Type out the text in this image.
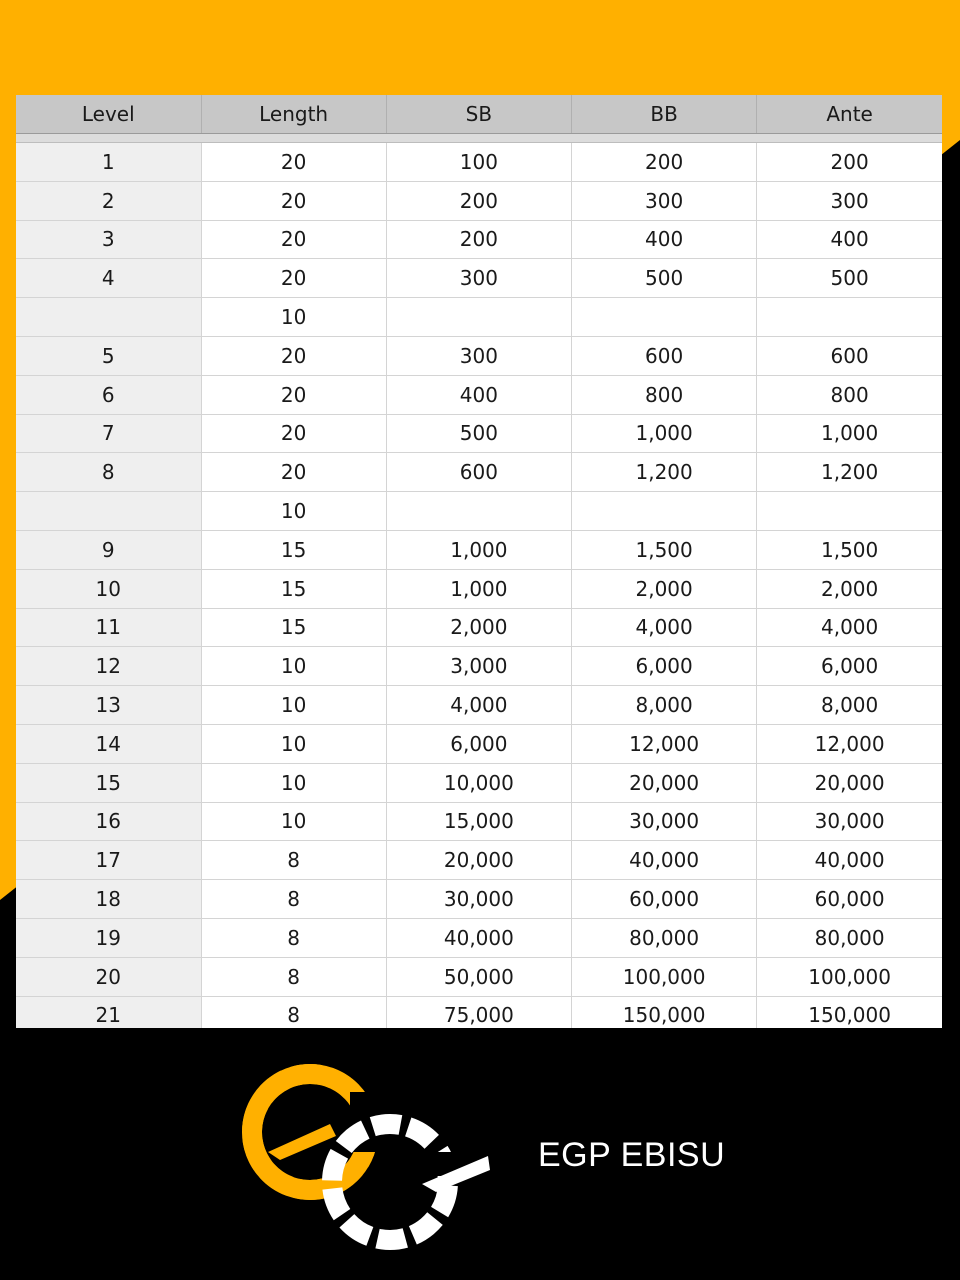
Level	Length	SB	BB	Ante

1	20	100	200	200
2	20	200	300	300
3	20	200	400	400
4	20	300	500	500
	10			
5	20	300	600	600
6	20	400	800	800
7	20	500	1,000	1,000
8	20	600	1,200	1,200
	10			
9	15	1,000	1,500	1,500
10	15	1,000	2,000	2,000
11	15	2,000	4,000	4,000
12	10	3,000	6,000	6,000
13	10	4,000	8,000	8,000
14	10	6,000	12,000	12,000
15	10	10,000	20,000	20,000
16	10	15,000	30,000	30,000
17	8	20,000	40,000	40,000
18	8	30,000	60,000	60,000
19	8	40,000	80,000	80,000
20	8	50,000	100,000	100,000
21	8	75,000	150,000	150,000
EGP EBISU
